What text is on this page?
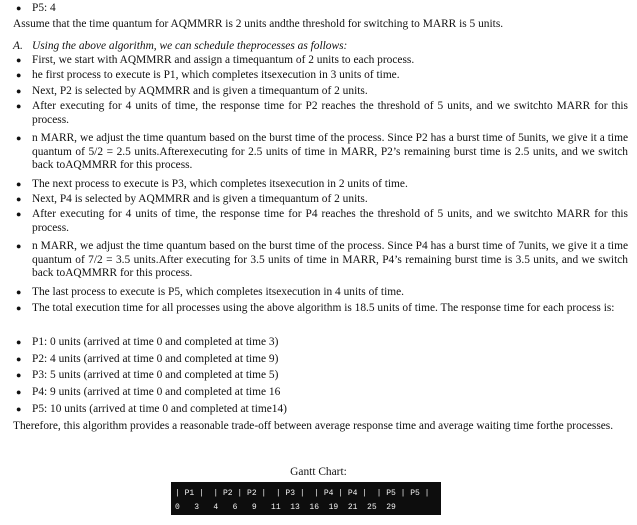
● P5: 4
Assume that the time quantum for AQMMRR is 2 units andthe threshold for switching to MARR is 5 units.
A. Using the above algorithm, we can schedule theprocesses as follows:
● First, we start with AQMMRR and assign a timequantum of 2 units to each process.
● he first process to execute is P1, which completes itsexecution in 3 units of time.
● Next, P2 is selected by AQMMRR and is given a timequantum of 2 units.
● After executing for 4 units of time, the response time for P2 reaches the threshold of 5 units, and we switchto MARR for this process.
● n MARR, we adjust the time quantum based on the burst time of the process. Since P2 has a burst time of 5units, we give it a time quantum of 5/2 = 2.5 units.Afterexecuting for 2.5 units of time in MARR, P2’s remaining burst time is 2.5 units, and we switch back toAQMMRR for this process.
● The next process to execute is P3, which completes itsexecution in 2 units of time.
● Next, P4 is selected by AQMMRR and is given a timequantum of 2 units.
● After executing for 4 units of time, the response time for P4 reaches the threshold of 5 units, and we switchto MARR for this process.
● n MARR, we adjust the time quantum based on the burst time of the process. Since P4 has a burst time of 7units, we give it a time quantum of 7/2 = 3.5 units.After executing for 3.5 units of time in MARR, P4’s remaining burst time is 3.5 units, and we switch back toAQMMRR for this process.
● The last process to execute is P5, which completes itsexecution in 4 units of time.
● The total execution time for all processes using the above algorithm is 18.5 units of time. The response time for each process is:
● P1: 0 units (arrived at time 0 and completed at time 3)
● P2: 4 units (arrived at time 0 and completed at time 9)
● P3: 5 units (arrived at time 0 and completed at time 5)
● P4: 9 units (arrived at time 0 and completed at time 16
● P5: 10 units (arrived at time 0 and completed at time14)
Therefore, this algorithm provides a reasonable trade-off between average response time and average waiting time forthe processes.
Gantt Chart:
| P1 |  | P2 | P2 |  | P3 |  | P4 | P4 |  | P5 | P5 |
0   3   4   6   9   11  13  16  19  21  25  29
